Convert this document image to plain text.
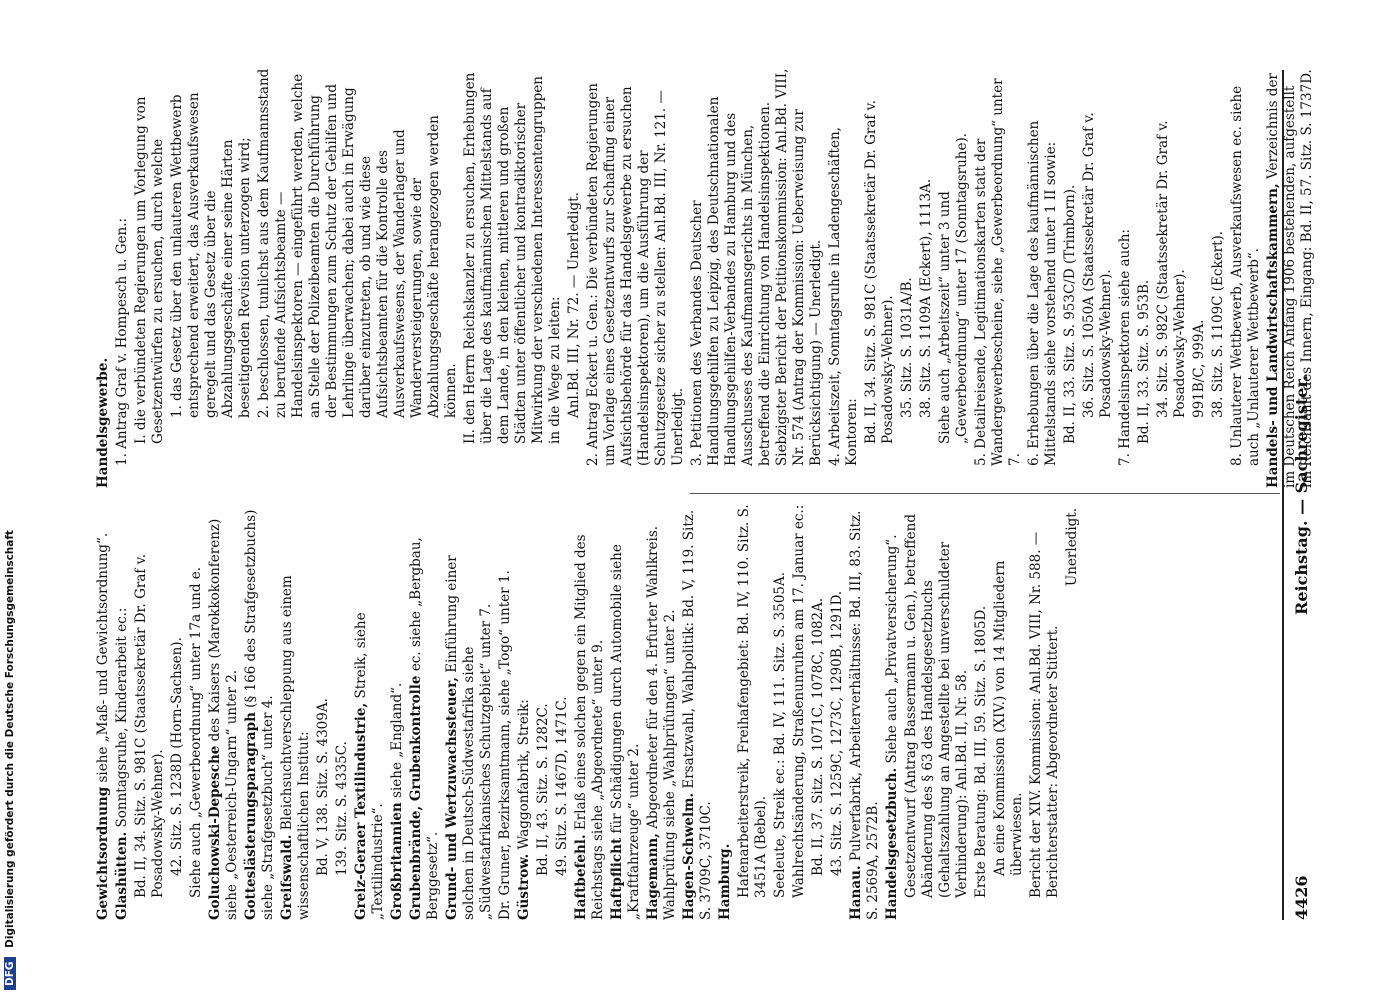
4426
Reichstag. — Sachregister.

Gewichtsordnung siehe „Maß- und Gewichtsordnung“.

Glashütten. Sonntagsruhe, Kinderarbeit ec.: Bd. II, 34. Sitz. S. 981C (Staatssekretär Dr. Graf v. Posadowsky-Wehner). 42. Sitz. S. 1238D (Horn-Sachsen). Siehe auch „Gewerbeordnung“ unter 17a und e. Goluchowski-Depesche des Kaisers (Marokkokonferenz) siehe „Oesterreich-Ungarn“ unter 2. Gotteslästerungsparagraph (§ 166 des Strafgesetzbuchs) siehe „Strafgesetzbuch“ unter 4. Greifswald. Bleichsuchtverschleppung aus einem wissenschaftlichen Institut: Bd. V, 138. Sitz. S. 4309A. 139. Sitz. S. 4335C. Greiz-Geraer Textilindustrie, Streik, siehe „Textilindustrie“. Großbritannien siehe „England“. Grubenbrände, Grubenkontrolle ec. siehe „Bergbau, Berggesetz“. Grund- und Wertzuwachssteuer, Einführung einer solchen in Deutsch-Südwestafrika siehe „Südwestafrikanisches Schutzgebiet“ unter 7. Dr. Gruner, Bezirksamtmann, siehe „Togo“ unter 1. Güstrow. Waggonfabrik, Streik: Bd. II, 43. Sitz. S. 1282C. 49. Sitz. S. 1467D, 1471C.

Haftbefehl. Erlaß eines solchen gegen ein Mitglied des Reichstags siehe „Abgeordnete“ unter 9. Haftpflicht für Schädigungen durch Automobile siehe „Kraftfahrzeuge“ unter 2. Hagemann, Abgeordneter für den 4. Erfurter Wahlkreis. Wahlprüfung siehe „Wahlprüfungen“ unter 2. Hagen-Schwelm. Ersatzwahl, Wahlpolitik: Bd. V, 119. Sitz. S. 3709C, 3710C. Hamburg. Hafenarbeiterstreik, Freihafengebiet: Bd. IV, 110. Sitz. S. 3451A (Bebel). Seeleute, Streik ec.: Bd. IV, 111. Sitz. S. 3505A. Wahlrechtsänderung, Straßenunruhen am 17. Januar ec.: Bd. II, 37. Sitz. S. 1071C, 1078C, 1082A. 43. Sitz. S. 1259C, 1273C, 1290B, 1291D.

Hanau. Pulverfabrik, Arbeiterverhältnisse: Bd. III, 83. Sitz. S. 2569A, 2572B. Handelsgesetzbuch. Siehe auch „Privatversicherung“. Gesetzentwurf (Antrag Bassermann u. Gen.), betreffend Abänderung des § 63 des Handelsgesetzbuchs (Gehaltszahlung an Angestellte bei unverschuldeter Verhinderung): Anl.Bd. II, Nr. 58. Erste Beratung: Bd. III, 59. Sitz. S. 1805D. An eine Kommission (XIV.) von 14 Mitgliedern überwiesen. Bericht der XIV. Kommission: Anl.Bd. VIII, Nr. 588. — Berichterstatter: Abgeordneter Stittert.

Unerledigt.

Handelsgewerbe. 1. Antrag Graf v. Hompesch u. Gen.: I. die verbündeten Regierungen um Vorlegung von Gesetzentwürfen zu ersuchen, durch welche 1. das Gesetz über den unlauteren Wettbewerb entsprechend erweitert, das Ausverkaufswesen geregelt und das Gesetz über die Abzahlungsgeschäfte einer seine Härten beseitigenden Revision unterzogen wird; 2. beschlossen, tunlichst aus dem Kaufmannsstand zu berufende Aufsichtsbeamte — Handelsinspektoren — eingeführt werden, welche an Stelle der Polizeibeamten die Durchführung der Bestimmungen zum Schutz der Gehilfen und Lehrlinge überwachen; dabei auch in Erwägung darüber einzutreten, ob und wie diese Aufsichtsbeamten für die Kontrolle des Ausverkaufswesens, der Wanderlager und Wanderversteigerungen, sowie der Abzahlungsgeschäfte herangezogen werden können. II. den Herrn Reichskanzler zu ersuchen, Erhebungen über die Lage des kaufmännischen Mittelstands auf dem Lande, in den kleinen, mittleren und großen Städten unter öffentlicher und kontradiktorischer Mitwirkung der verschiedenen Interessentengruppen in die Wege zu leiten: Anl.Bd. III, Nr. 72. — Unerledigt. 2. Antrag Eckert u. Gen.: Die verbündeten Regierungen um Vorlage eines Gesetzentwurfs zur Schaffung einer Aufsichtsbehörde für das Handelsgewerbe zu ersuchen (Handelsinspektoren), um die Ausführung der Schutzgesetze sicher zu stellen: Anl.Bd. III, Nr. 121. — Unerledigt. 3. Petitionen des Verbandes Deutscher Handlungsgehilfen zu Leipzig, des Deutschnationalen Handlungsgehilfen-Verbandes zu Hamburg und des Ausschusses des Kaufmannsgerichts in München, betreffend die Einrichtung von Handelsinspektionen. Siebzigster Bericht der Petitionskommission: Anl.Bd. VIII, Nr. 574 (Antrag der Kommission: Ueberweisung zur Berücksichtigung) — Unerledigt. 4. Arbeitszeit, Sonntagsruhe in Ladengeschäften, Kontoren: Bd. II, 34. Sitz. S. 981C (Staatssekretär Dr. Graf v. Posadowsky-Wehner). 35. Sitz. S. 1031A/B. 38. Sitz. S. 1109A (Eckert), 1113A. Siehe auch „Arbeitszeit“ unter 3 und „Gewerbeordnung“ unter 17 (Sonntagsruhe). 5. Detailreisende, Legitimationskarten statt der Wandergewerbescheine, siehe „Gewerbeordnung“ unter 7. 6. Erhebungen über die Lage des kaufmännischen Mittelstands siehe vorstehend unter 1 II sowie: Bd. II, 33. Sitz. S. 953C/D (Trimborn). 36. Sitz. S. 1050A (Staatssekretär Dr. Graf v. Posadowsky-Wehner). 7. Handelsinspektoren siehe auch: Bd. II, 33. Sitz. S. 953B. 34. Sitz. S. 982C (Staatssekretär Dr. Graf v. Posadowsky-Wehner). 991B/C, 999A. 38. Sitz. S. 1109C (Eckert). 8. Unlauterer Wettbewerb, Ausverkaufswesen ec. siehe auch „Unlauterer Wettbewerb“. Handels- und Landwirtschaftskammern, Verzeichnis der im Deutschen Reich Anfang 1906 bestehenden, aufgestellt im Reichsamt des Innern, Eingang: Bd. II, 57. Sitz. S. 1737D.

DFG Digitalisierung gefördert durch die Deutsche Forschungsgemeinschaft
